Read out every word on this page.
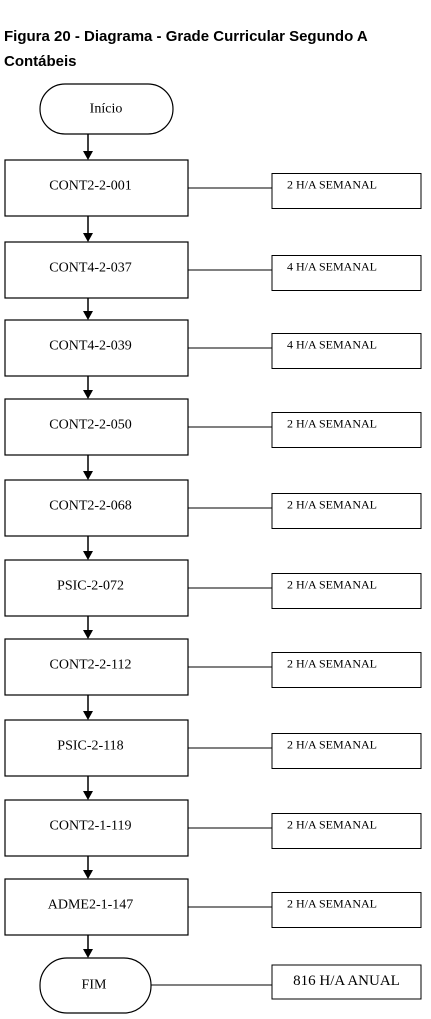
Figura 20 - Diagrama - Grade Curricular Segundo A
Contábeis
Início
CONT2-2-001	2 H/A SEMANAL
CONT4-2-037	4 H/A SEMANAL
CONT4-2-039	4 H/A SEMANAL
CONT2-2-050	2 H/A SEMANAL
CONT2-2-068	2 H/A SEMANAL
PSIC-2-072	2 H/A SEMANAL
CONT2-2-112	2 H/A SEMANAL
PSIC-2-118	2 H/A SEMANAL
CONT2-1-119	2 H/A SEMANAL
ADME2-1-147	2 H/A SEMANAL
FIM	816 H/A ANUAL
